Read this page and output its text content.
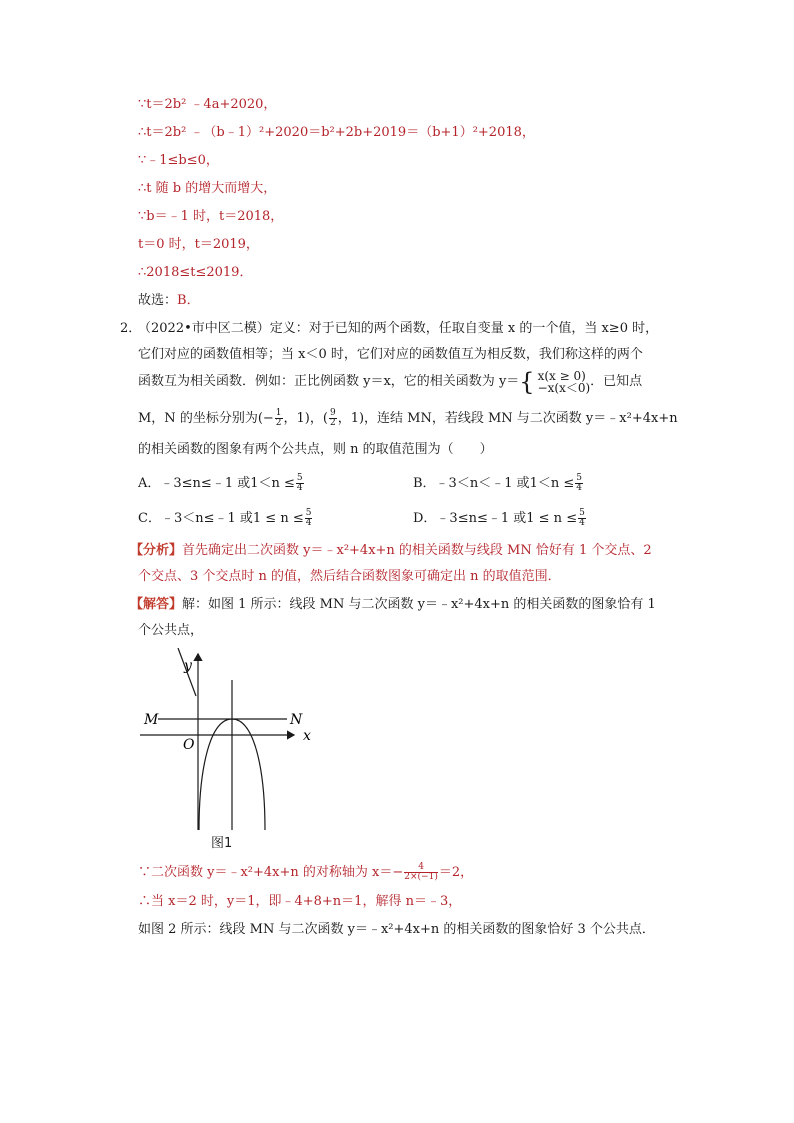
∵t＝2b² ﹣4a+2020，
∴t＝2b² ﹣（b﹣1）²+2020＝b²+2b+2019＝（b+1）²+2018，
∵﹣1≤b≤0，
∴t 随 b 的增大而增大，
∵b＝﹣1 时，t＝2018，
t＝0 时，t＝2019，
∴2018≤t≤2019．
故选：B．
2．
（2022•市中区二模）定义：对于已知的两个函数，任取自变量 x 的一个值，当 x≥0 时，
它们对应的函数值相等；当 x＜0 时，它们对应的函数值互为相反数，我们称这样的两个
函数互为相关函数．例如：正比例函数 y＝x，它的相关函数为 y＝{ x(x ≥ 0)
−x(x＜0) ．已知点
M，N 的坐标分别为(− $\frac{1}{2}$ ，1)，( $\frac{9}{2}$ ，1)，连结 MN，若线段 MN 与二次函数 y＝﹣x²+4x+n
的相关函数的图象有两个公共点，则 n 的取值范围为（　　）
A．﹣3≤n≤﹣1 或$1<n \le \frac{5}{4}$	B．﹣3＜n＜﹣1 或$1<n \le \frac{5}{4}$
C．﹣3＜n≤﹣1 或$1 \le n \le \frac{5}{4}$	D．﹣3≤n≤﹣1 或$1 \le n \le \frac{5}{4}$
【分析】首先确定出二次函数 y＝﹣x²+4x+n 的相关函数与线段 MN 恰好有 1 个交点、2
个交点、3 个交点时 n 的值，然后结合函数图象可确定出 n 的取值范围．
【解答】解：如图 1 所示：线段 MN 与二次函数 y＝﹣x²+4x+n 的相关函数的图象恰有 1
个公共点，
y
x
M	N
O
图1
∵二次函数 y＝﹣x²+4x+n 的对称轴为 $x=- \frac{4}{2\times(-1)} =2$，
∴当 x＝2 时，y＝1，即﹣4+8+n＝1，解得 n＝﹣3，
如图 2 所示：线段 MN 与二次函数 y＝﹣x²+4x+n 的相关函数的图象恰好 3 个公共点．
